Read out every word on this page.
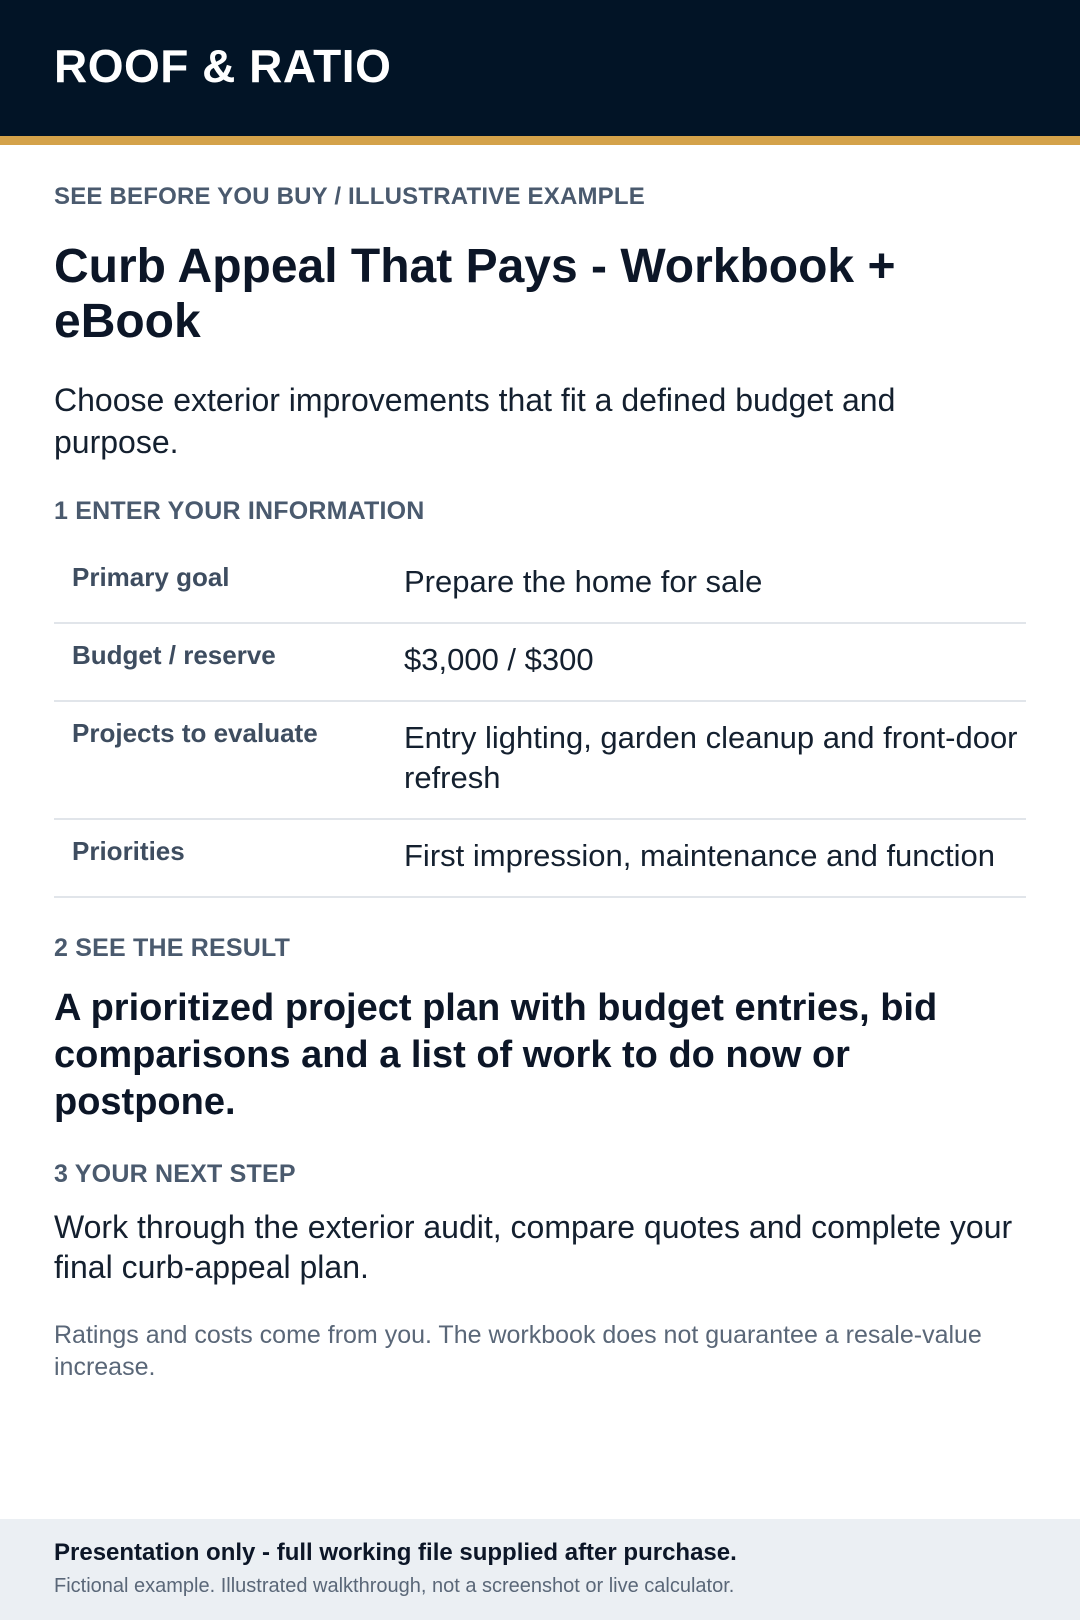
ROOF & RATIO
SEE BEFORE YOU BUY / ILLUSTRATIVE EXAMPLE
Curb Appeal That Pays - Workbook + eBook
Choose exterior improvements that fit a defined budget and purpose.
1 ENTER YOUR INFORMATION
Primary goal	Prepare the home for sale
Budget / reserve	$3,000 / $300
Projects to evaluate	Entry lighting, garden cleanup and front-door refresh
Priorities	First impression, maintenance and function
2 SEE THE RESULT
A prioritized project plan with budget entries, bid comparisons and a list of work to do now or postpone.
3 YOUR NEXT STEP
Work through the exterior audit, compare quotes and complete your final curb-appeal plan.
Ratings and costs come from you. The workbook does not guarantee a resale-value increase.
Presentation only - full working file supplied after purchase.
Fictional example. Illustrated walkthrough, not a screenshot or live calculator.
